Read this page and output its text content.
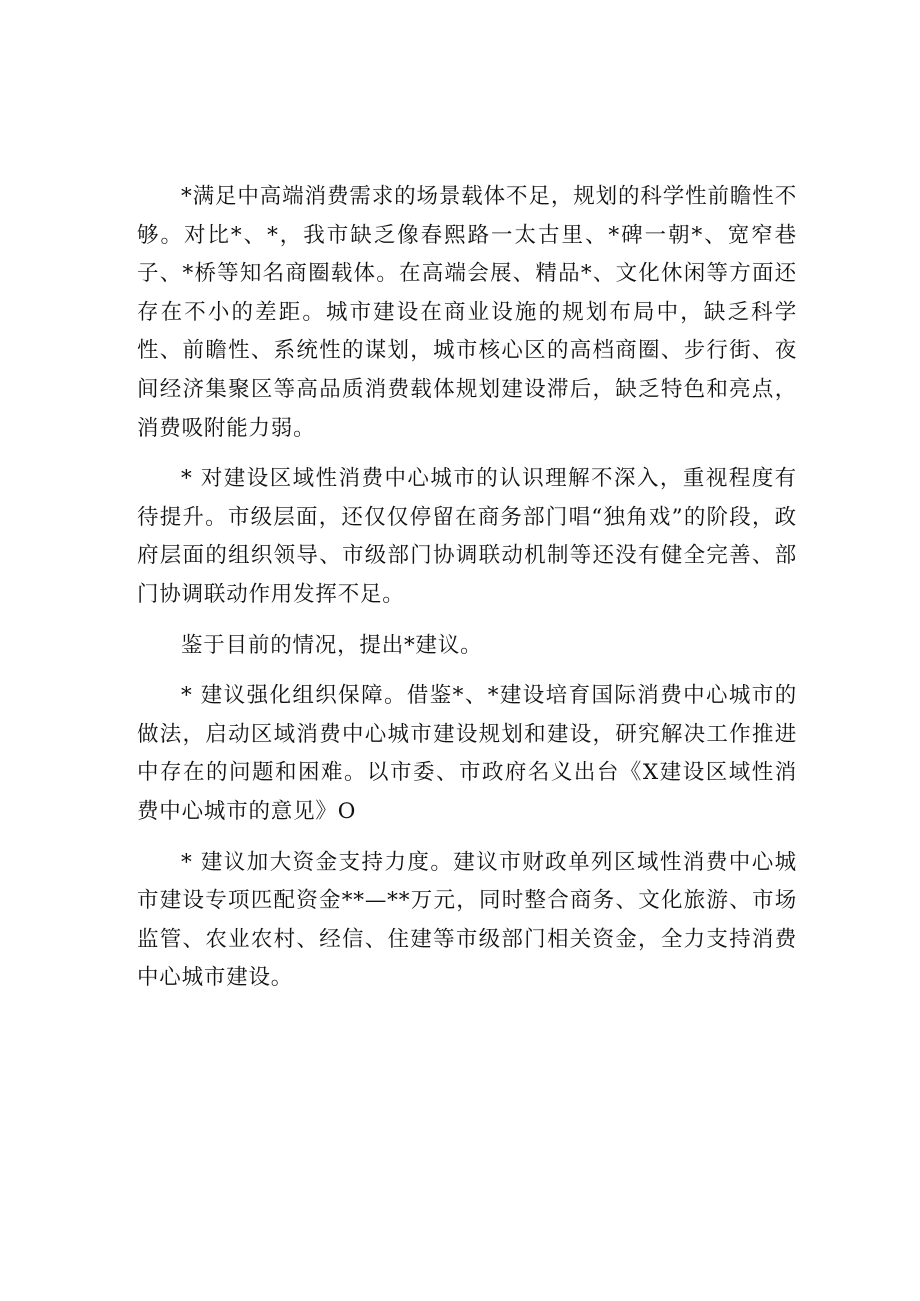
*满足中高端消费需求的场景载体不足，规划的科学性前瞻性不够。对比*、*，我市缺乏像春熙路一太古里、*碑一朝*、宽窄巷子、*桥等知名商圈载体。在高端会展、精品*、文化休闲等方面还存在不小的差距。城市建设在商业设施的规划布局中，缺乏科学性、前瞻性、系统性的谋划，城市核心区的高档商圈、步行街、夜间经济集聚区等高品质消费载体规划建设滞后，缺乏特色和亮点，消费吸附能力弱。

* 对建设区域性消费中心城市的认识理解不深入，重视程度有待提升。市级层面，还仅仅停留在商务部门唱“独角戏”的阶段，政府层面的组织领导、市级部门协调联动机制等还没有健全完善、部门协调联动作用发挥不足。

鉴于目前的情况，提出*建议。

* 建议强化组织保障。借鉴*、*建设培育国际消费中心城市的做法，启动区域消费中心城市建设规划和建设，研究解决工作推进中存在的问题和困难。以市委、市政府名义出台《X建设区域性消费中心城市的意见》O

* 建议加大资金支持力度。建议市财政单列区域性消费中心城市建设专项匹配资金**—**万元，同时整合商务、文化旅游、市场监管、农业农村、经信、住建等市级部门相关资金，全力支持消费中心城市建设。
